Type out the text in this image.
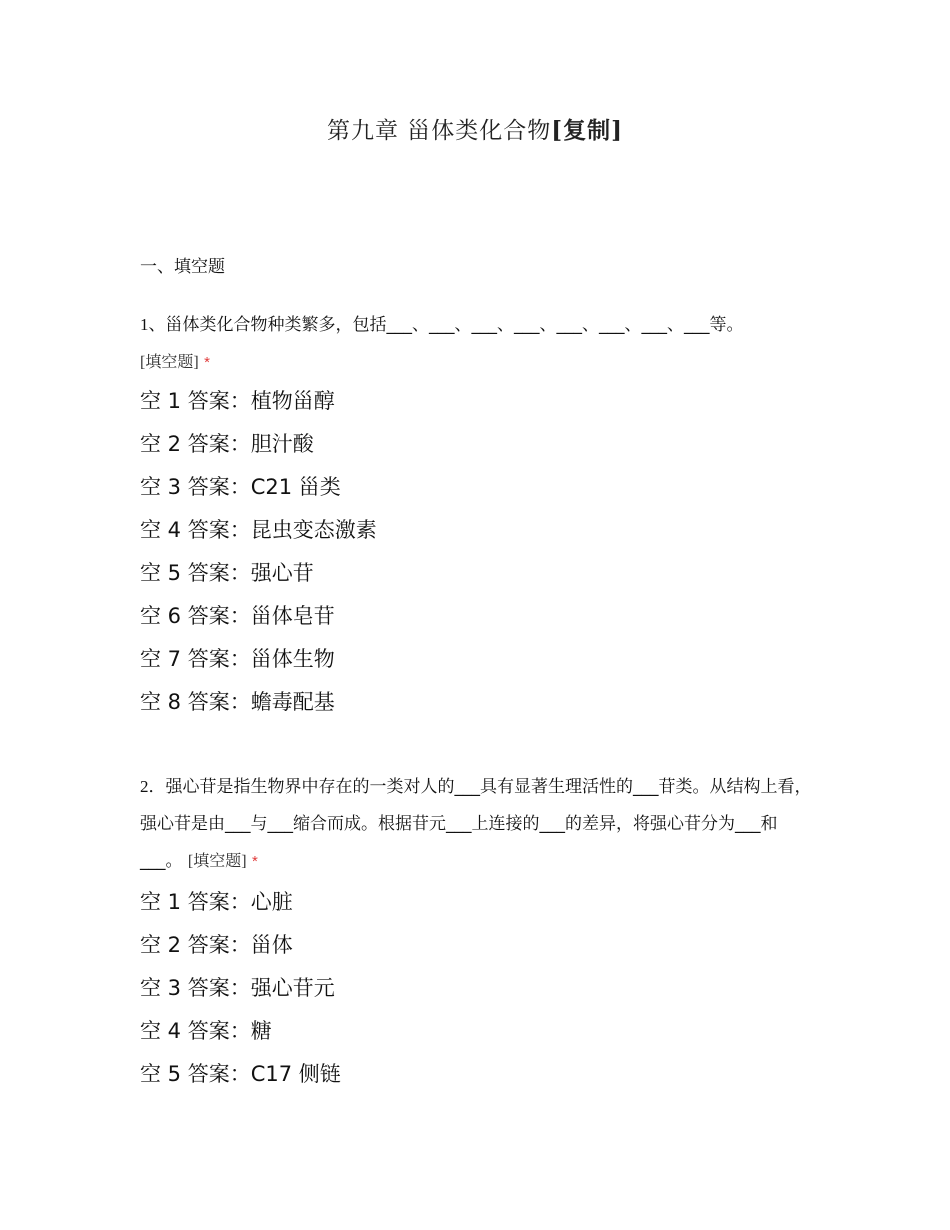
第九章 甾体类化合物[复制]
一、填空题
1、甾体类化合物种类繁多，包括___、___、___、___、___、___、___、___等。
[填空题] *
空 1 答案：植物甾醇
空 2 答案：胆汁酸
空 3 答案：C21 甾类
空 4 答案：昆虫变态激素
空 5 答案：强心苷
空 6 答案：甾体皂苷
空 7 答案：甾体生物
空 8 答案：蟾毒配基
2．强心苷是指生物界中存在的一类对人的___具有显著生理活性的___苷类。从结构上看，强心苷是由___与___缩合而成。根据苷元___上连接的___的差异，将强心苷分为___和___。 [填空题] *
空 1 答案：心脏
空 2 答案：甾体
空 3 答案：强心苷元
空 4 答案：糖
空 5 答案：C17 侧链
